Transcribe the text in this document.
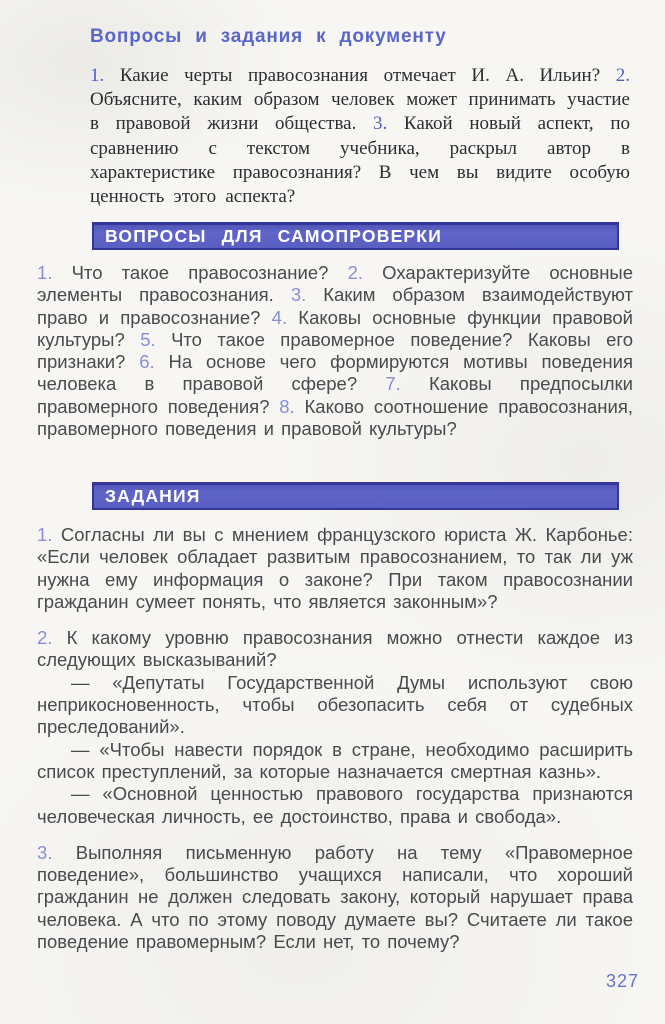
Вопросы и задания к документу

1. Какие черты правосознания отмечает И. А. Ильин? 2. Объясните, каким образом человек может принимать участие в правовой жизни общества. 3. Какой новый аспект, по сравнению с текстом учебника, раскрыл автор в характеристике правосознания? В чем вы видите особую ценность этого аспекта?

ВОПРОСЫ ДЛЯ САМОПРОВЕРКИ

1. Что такое правосознание? 2. Охарактеризуйте основные элементы правосознания. 3. Каким образом взаимодействуют право и правосознание? 4. Каковы основные функции правовой культуры? 5. Что такое правомерное поведение? Каковы его признаки? 6. На основе чего формируются мотивы поведения человека в правовой сфере? 7. Каковы предпосылки правомерного поведения? 8. Каково соотношение правосознания, правомерного поведения и правовой культуры?

ЗАДАНИЯ

1. Согласны ли вы с мнением французского юриста Ж. Карбонье: «Если человек обладает развитым правосознанием, то так ли уж нужна ему информация о законе? При таком правосознании гражданин сумеет понять, что является законным»?

2. К какому уровню правосознания можно отнести каждое из следующих высказываний?

— «Депутаты Государственной Думы используют свою неприкосновенность, чтобы обезопасить себя от судебных преследований».

— «Чтобы навести порядок в стране, необходимо расширить список преступлений, за которые назначается смертная казнь».

— «Основной ценностью правового государства признаются человеческая личность, ее достоинство, права и свобода».

3. Выполняя письменную работу на тему «Правомерное поведение», большинство учащихся написали, что хороший гражданин не должен следовать закону, который нарушает права человека. А что по этому поводу думаете вы? Считаете ли такое поведение правомерным? Если нет, то почему?

327
